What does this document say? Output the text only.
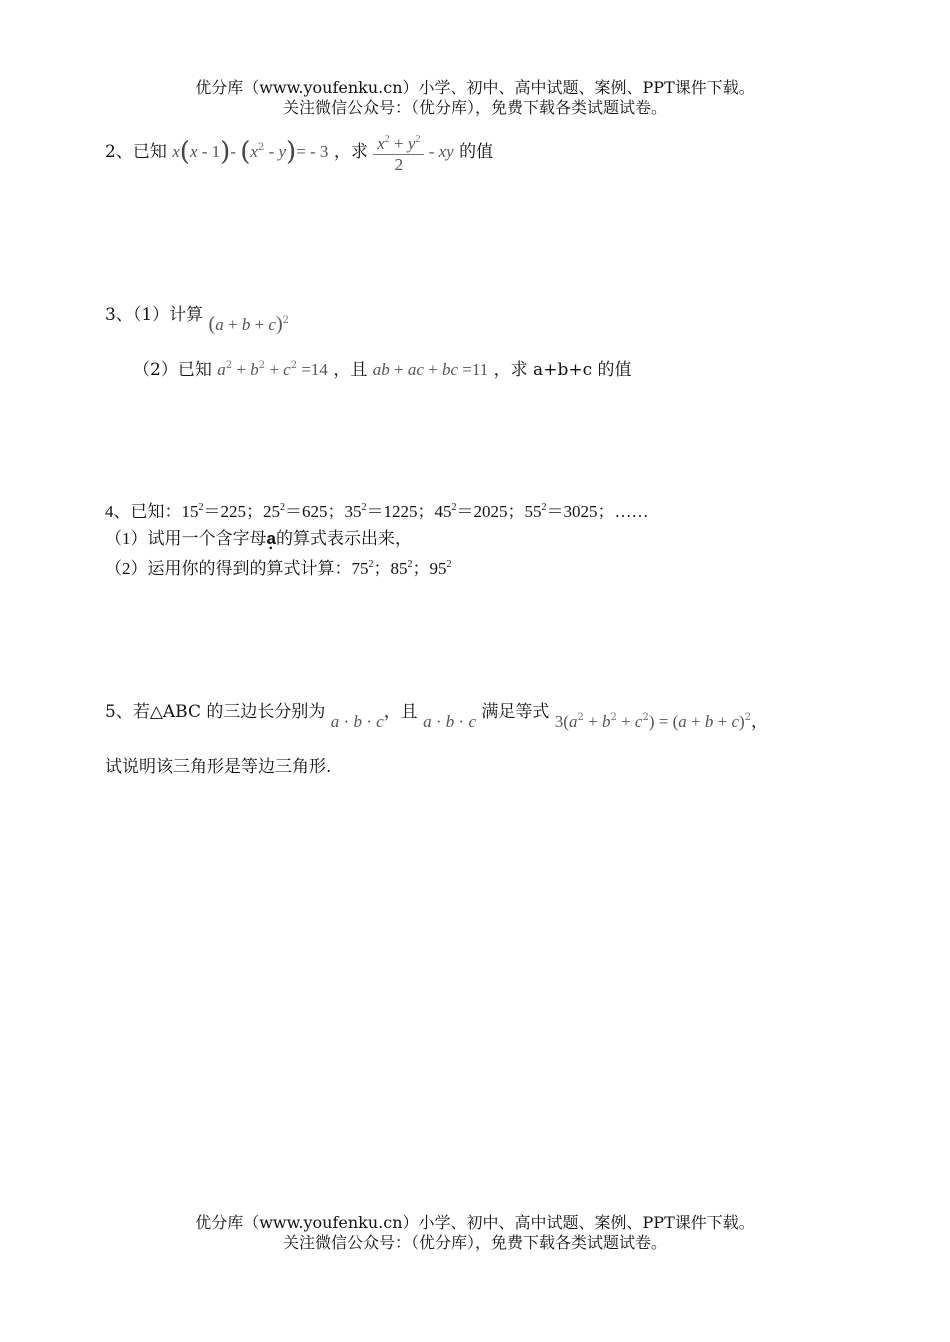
优分库（www.youfenku.cn）小学、初中、高中试题、案例、PPT课件下载。
关注微信公众号：（优分库），免费下载各类试题试卷。
2、已知 x(x - 1)- $(x^2 - y)= - 3$ ，求 $\frac{x^2 + y^2}{2}$ - xy 的值
3、（1）计算 $(a + b + c)^2$
（2）已知 $a^2 + b^2 + c^2 =14$ ，且 ab + ac + bc =11 ，求 a+b+c 的值
4、已知：$15^2=225$；$25^2=625$；$35^2=1225$；$45^2=2025$；$55^2=3025$；……
（1）试用一个含字母a ·的算式表示出来，
（2）运用你的得到的算式计算：$75^2$；$85^2$；$95^2$
5、若△ABC 的三边长分别为 a · b · c，且 a · b · c 满足等式 $3(a^2 + b^2 + c^2) = (a + b + c)^2$，
试说明该三角形是等边三角形.
优分库（www.youfenku.cn）小学、初中、高中试题、案例、PPT课件下载。
关注微信公众号：（优分库），免费下载各类试题试卷。
